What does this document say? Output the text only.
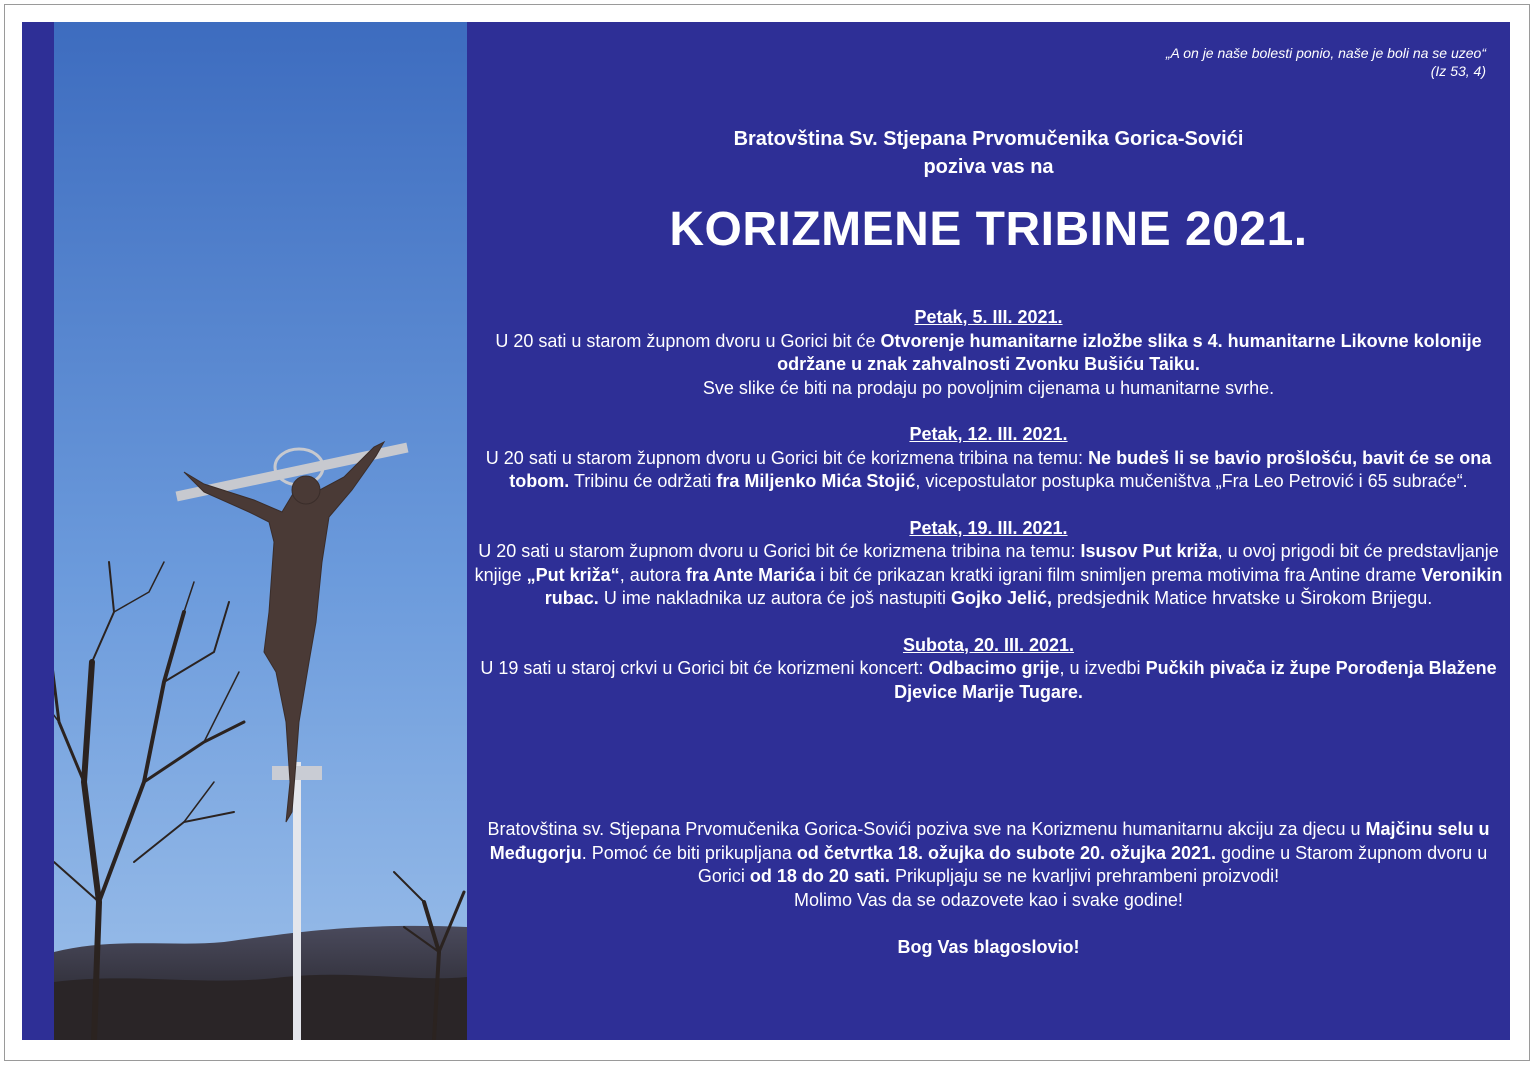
„A on je naše bolesti ponio, naše je boli na se uzeo“
(Iz 53, 4)
Bratovština Sv. Stjepana Prvomučenika Gorica-Sovići
poziva vas na
KORIZMENE TRIBINE 2021.
Petak, 5. III. 2021.

U 20 sati u starom župnom dvoru u Gorici bit će Otvorenje humanitarne izložbe slika s 4. humanitarne Likovne kolonije održane u znak zahvalnosti Zvonku Bušiću Taiku.

Sve slike će biti na prodaju po povoljnim cijenama u humanitarne svrhe.

Petak, 12. III. 2021.

U 20 sati u starom župnom dvoru u Gorici bit će korizmena tribina na temu: Ne budeš li se bavio prošlošću, bavit će se ona tobom. Tribinu će održati fra Miljenko Mića Stojić, vicepostulator postupka mučeništva „Fra Leo Petrović i 65 subraće“.

Petak, 19. III. 2021.

U 20 sati u starom župnom dvoru u Gorici bit će korizmena tribina na temu: Isusov Put križa, u ovoj prigodi bit će predstavljanje knjige „Put križa“, autora fra Ante Marića i bit će prikazan kratki igrani film snimljen prema motivima fra Antine drame Veronikin rubac. U ime nakladnika uz autora će još nastupiti Gojko Jelić, predsjednik Matice hrvatske u Širokom Brijegu.

Subota, 20. III. 2021.

U 19 sati u staroj crkvi u Gorici bit će korizmeni koncert: Odbacimo grije, u izvedbi Pučkih pivača iz župe Porođenja Blažene Djevice Marije Tugare.

Bratovština sv. Stjepana Prvomučenika Gorica-Sovići poziva sve na Korizmenu humanitarnu akciju za djecu u Majčinu selu u Međugorju. Pomoć će biti prikupljana od četvrtka 18. ožujka do subote 20. ožujka 2021. godine u Starom župnom dvoru u Gorici od 18 do 20 sati. Prikupljaju se ne kvarljivi prehrambeni proizvodi!

Molimo Vas da se odazovete kao i svake godine!

Bog Vas blagoslovio!
